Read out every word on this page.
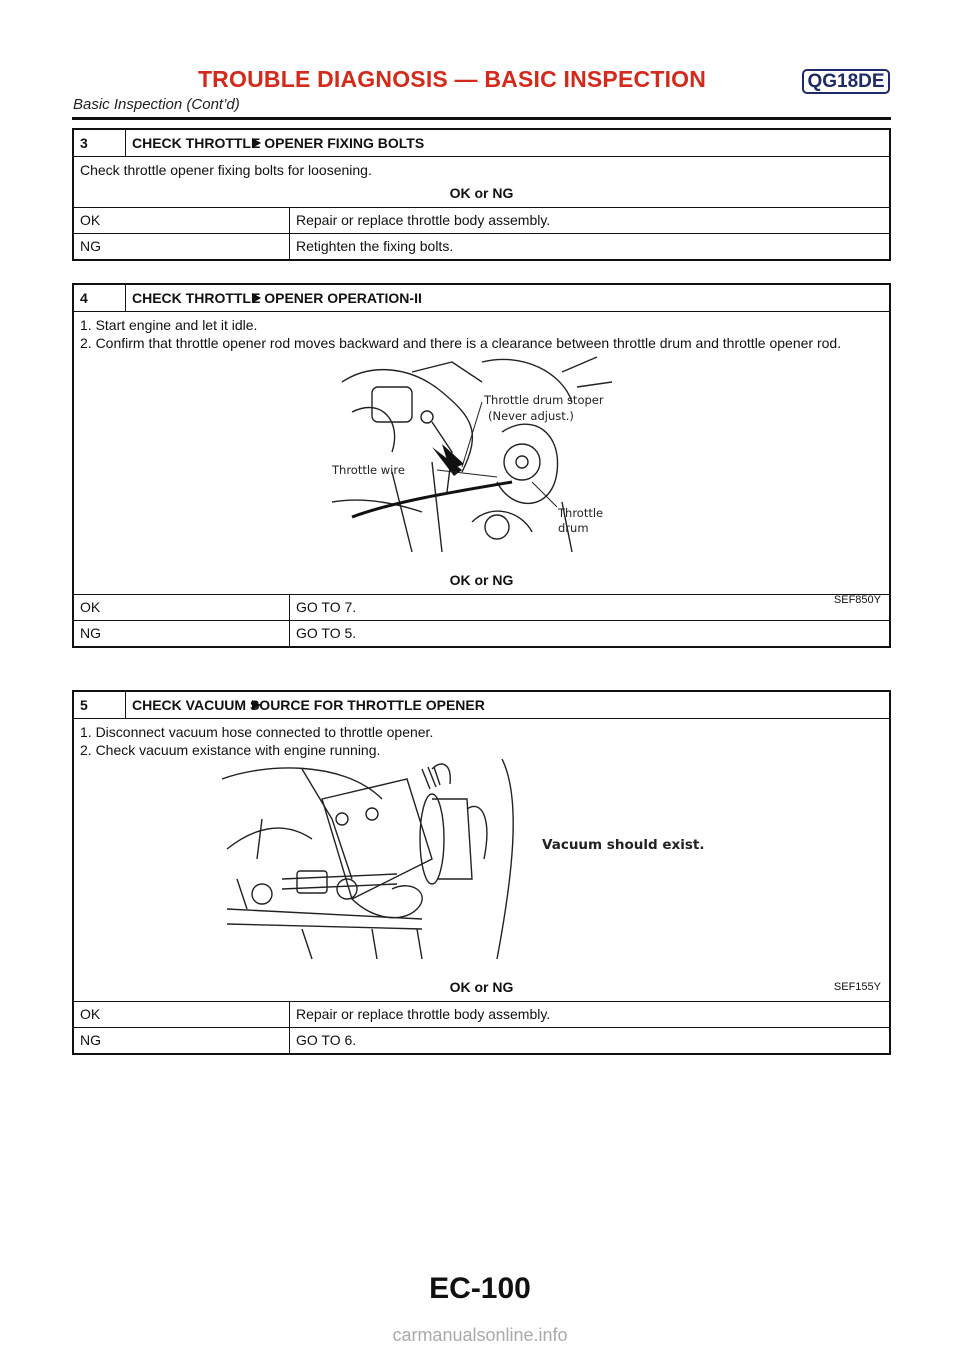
TROUBLE DIAGNOSIS — BASIC INSPECTION	QG18DE
Basic Inspection (Cont’d)
3	CHECK THROTTLE OPENER FIXING BOLTS

Check throttle opener fixing bolts for loosening.

OK or NG
OK	Repair or replace throttle body assembly.
NG	Retighten the fixing bolts.
4	CHECK THROTTLE OPENER OPERATION-II

1. Start engine and let it idle.

2. Confirm that throttle opener rod moves backward and there is a clearance between throttle drum and throttle opener rod.

Throttle drum stoper
(Never adjust.)
Throttle wire
Throttle
drum
SEF850Y
OK or NG
OK	GO TO 7.
NG	GO TO 5.
5	CHECK VACUUM SOURCE FOR THROTTLE OPENER

1. Disconnect vacuum hose connected to throttle opener.

2. Check vacuum existance with engine running.

Vacuum should exist.
SEF155Y
OK or NG
OK	Repair or replace throttle body assembly.
NG	GO TO 6.
EC-100
carmanualsonline.info
